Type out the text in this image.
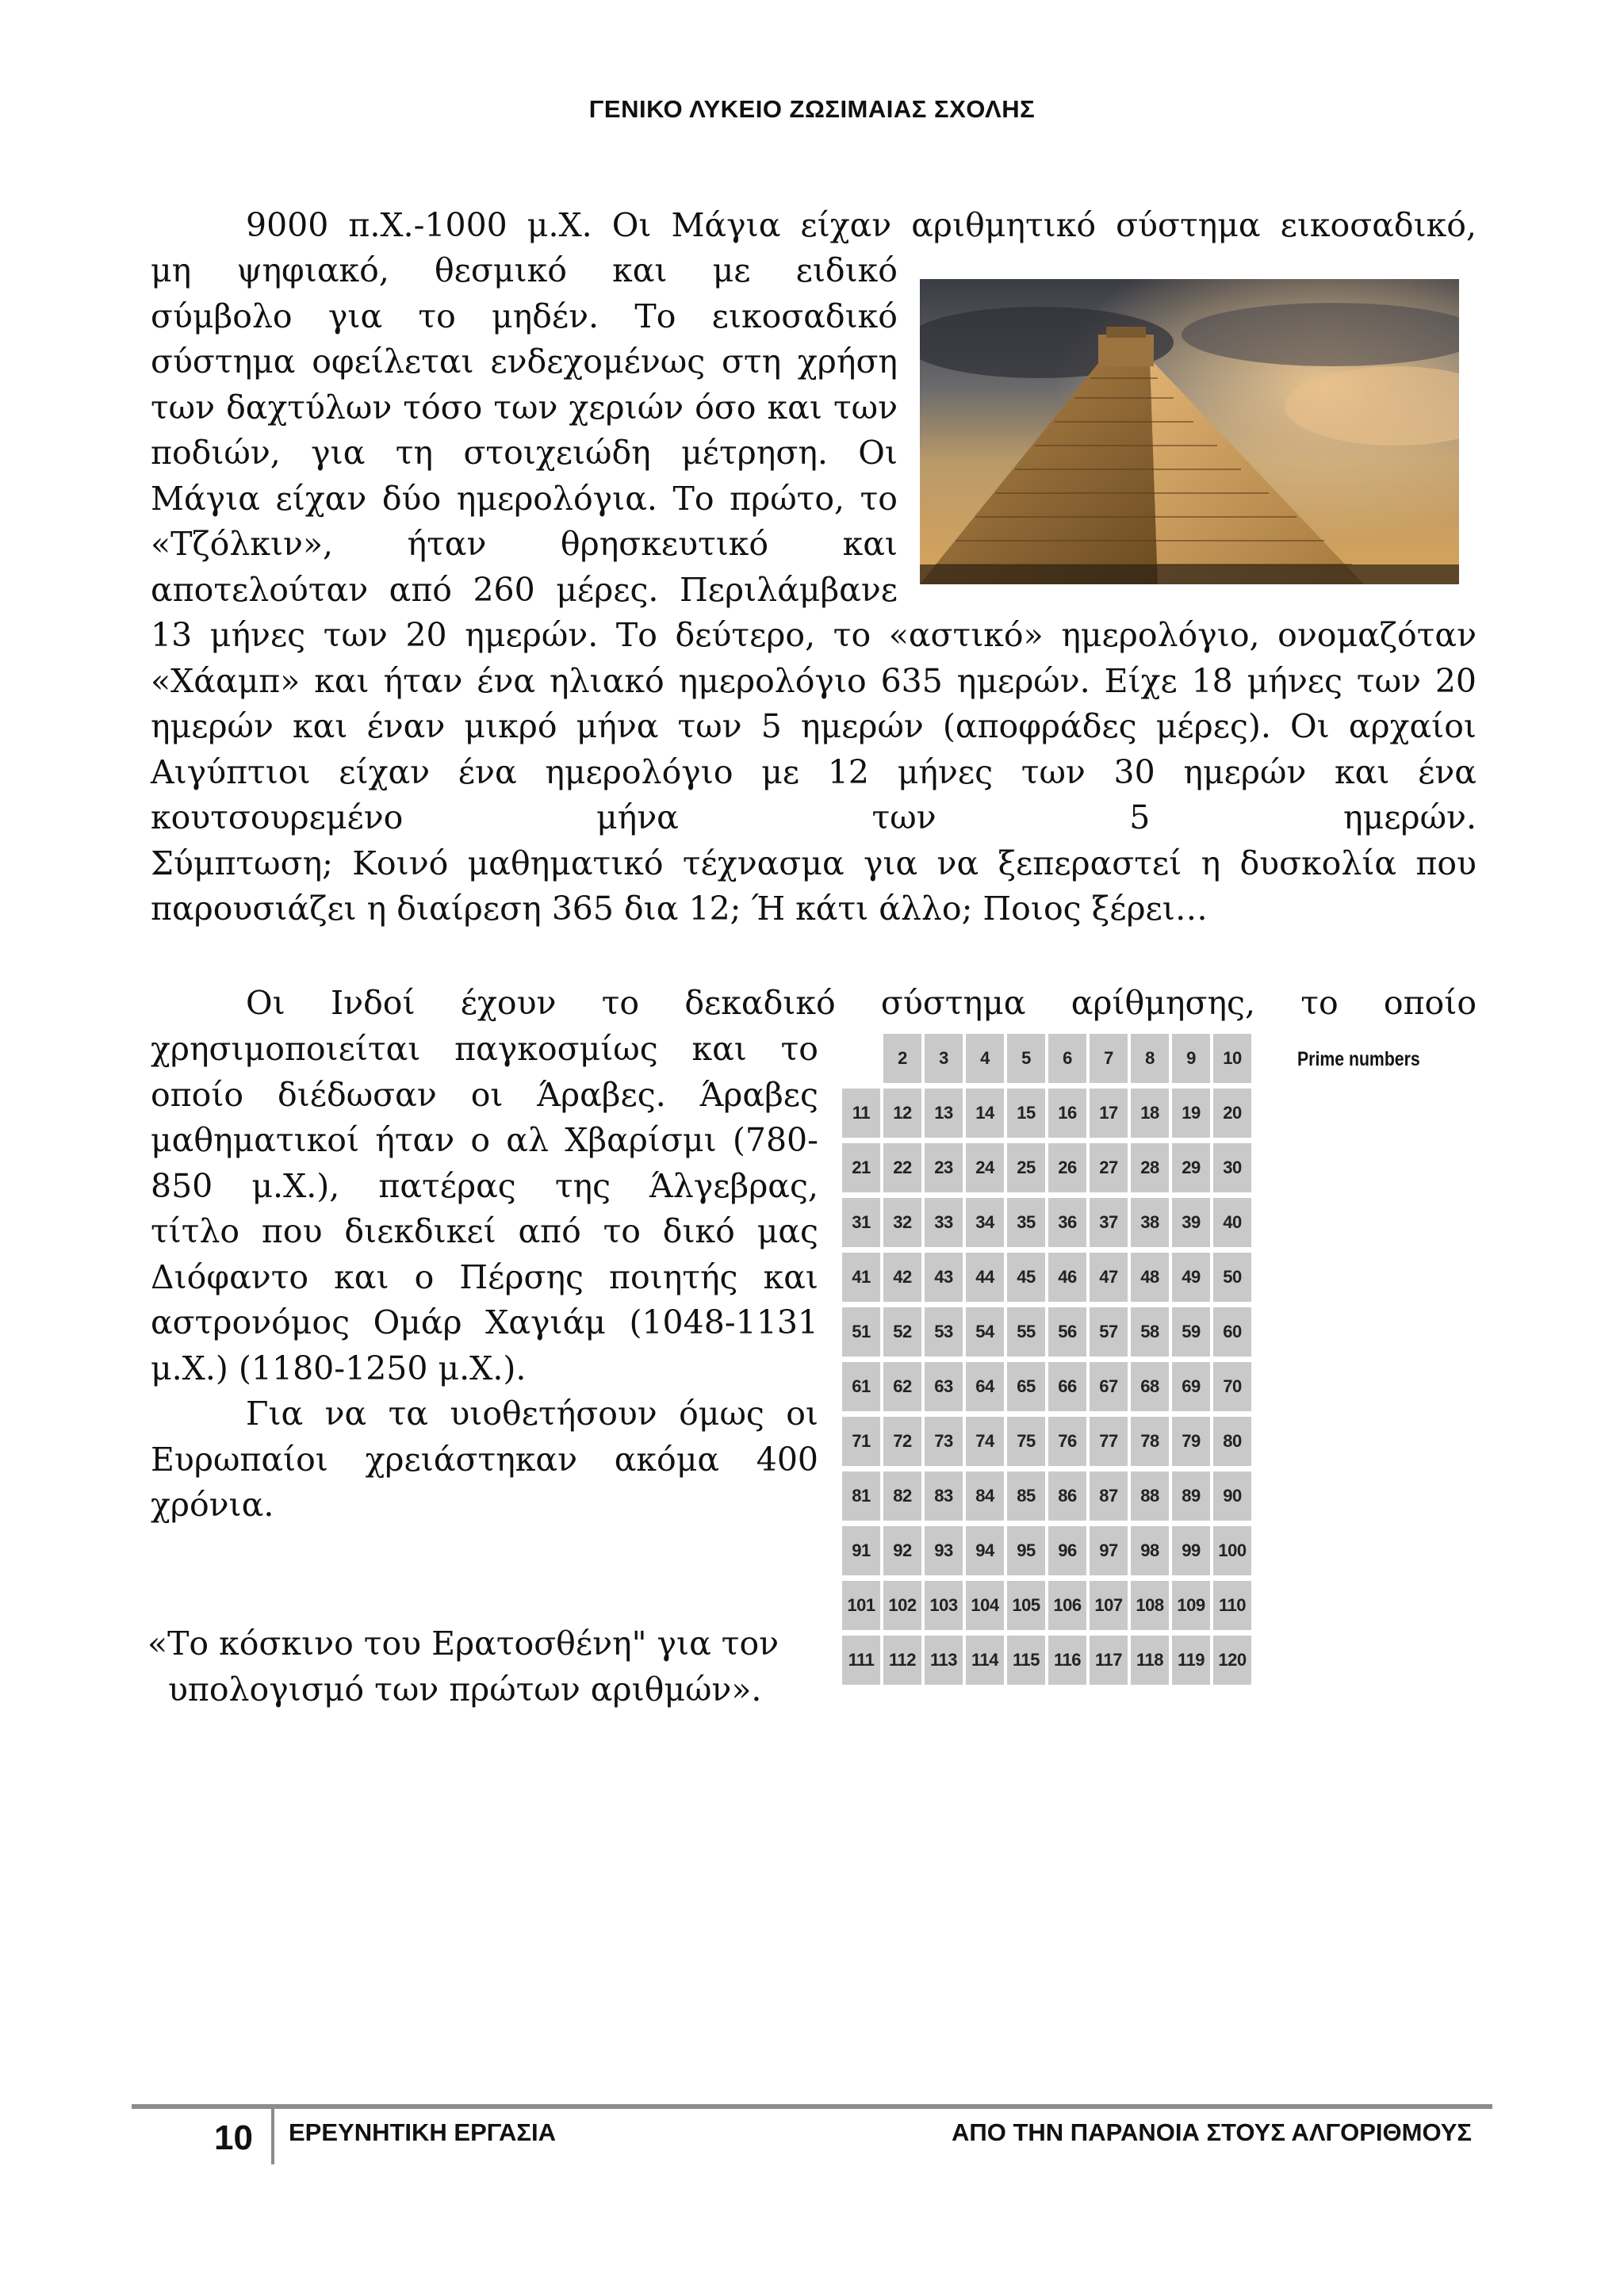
ΓΕΝΙΚΟ ΛΥΚΕΙΟ ΖΩΣΙΜΑΙΑΣ ΣΧΟΛΗΣ

9000 π.Χ.-1000 μ.Χ. Οι Μάγια είχαν αριθμητικό σύστημα εικοσαδικό,

μη ψηφιακό, θεσμικό και με ειδικό

σύμβολο για το μηδέν. Το εικοσαδικό

σύστημα οφείλεται ενδεχομένως στη χρήση

των δαχτύλων τόσο των χεριών όσο και των

ποδιών, για τη στοιχειώδη μέτρηση. Οι

Μάγια είχαν δύο ημερολόγια. Το πρώτο, το

«Τζόλκιν», ήταν θρησκευτικό και

αποτελούταν από 260 μέρες. Περιλάμβανε

13 μήνες των 20 ημερών. Το δεύτερο, το «αστικό» ημερολόγιο, ονομαζόταν

«Χάαμπ» και ήταν ένα ηλιακό ημερολόγιο 635 ημερών. Είχε 18 μήνες των 20

ημερών και έναν μικρό μήνα των 5 ημερών (αποφράδες μέρες). Οι αρχαίοι

Αιγύπτιοι είχαν ένα ημερολόγιο με 12 μήνες των 30 ημερών και ένα

κουτσουρεμένο μήνα των 5 ημερών.

Σύμπτωση; Κοινό μαθηματικό τέχνασμα για να ξεπεραστεί η δυσκολία που

παρουσιάζει η διαίρεση 365 δια 12; Ή κάτι άλλο; Ποιος ξέρει…

Οι Ινδοί έχουν το δεκαδικό σύστημα αρίθμησης, το οποίο

χρησιμοποιείται παγκοσμίως και το

οποίο διέδωσαν οι Άραβες. Άραβες

μαθηματικοί ήταν ο αλ Χβαρίσμι (780-

850 μ.Χ.), πατέρας της Άλγεβρας,

τίτλο που διεκδικεί από το δικό μας

Διόφαντο και ο Πέρσης ποιητής και

αστρονόμος Ομάρ Χαγιάμ (1048-1131

μ.Χ.) (1180-1250 μ.Χ.).

Για να τα υιοθετήσουν όμως οι

Ευρωπαίοι χρειάστηκαν ακόμα 400

χρόνια.

2	3	4	5	6	7	8	9	10
11	12	13	14	15	16	17	18	19	20
21	22	23	24	25	26	27	28	29	30
31	32	33	34	35	36	37	38	39	40
41	42	43	44	45	46	47	48	49	50
51	52	53	54	55	56	57	58	59	60
61	62	63	64	65	66	67	68	69	70
71	72	73	74	75	76	77	78	79	80
81	82	83	84	85	86	87	88	89	90
91	92	93	94	95	96	97	98	99	100
101 102 103 104 105 106 107 108 109 110
111 112 113 114 115 116 117 118 119 120
Prime numbers
«Το κόσκινο του Ερατοσθένη" για τον
υπολογισμό των πρώτων αριθμών».
10 ΕΡΕΥΝΗΤΙΚΗ ΕΡΓΑΣΙΑ	ΑΠΟ ΤΗΝ ΠΑΡΑΝΟΙΑ ΣΤΟΥΣ ΑΛΓΟΡΙΘΜΟΥΣ
